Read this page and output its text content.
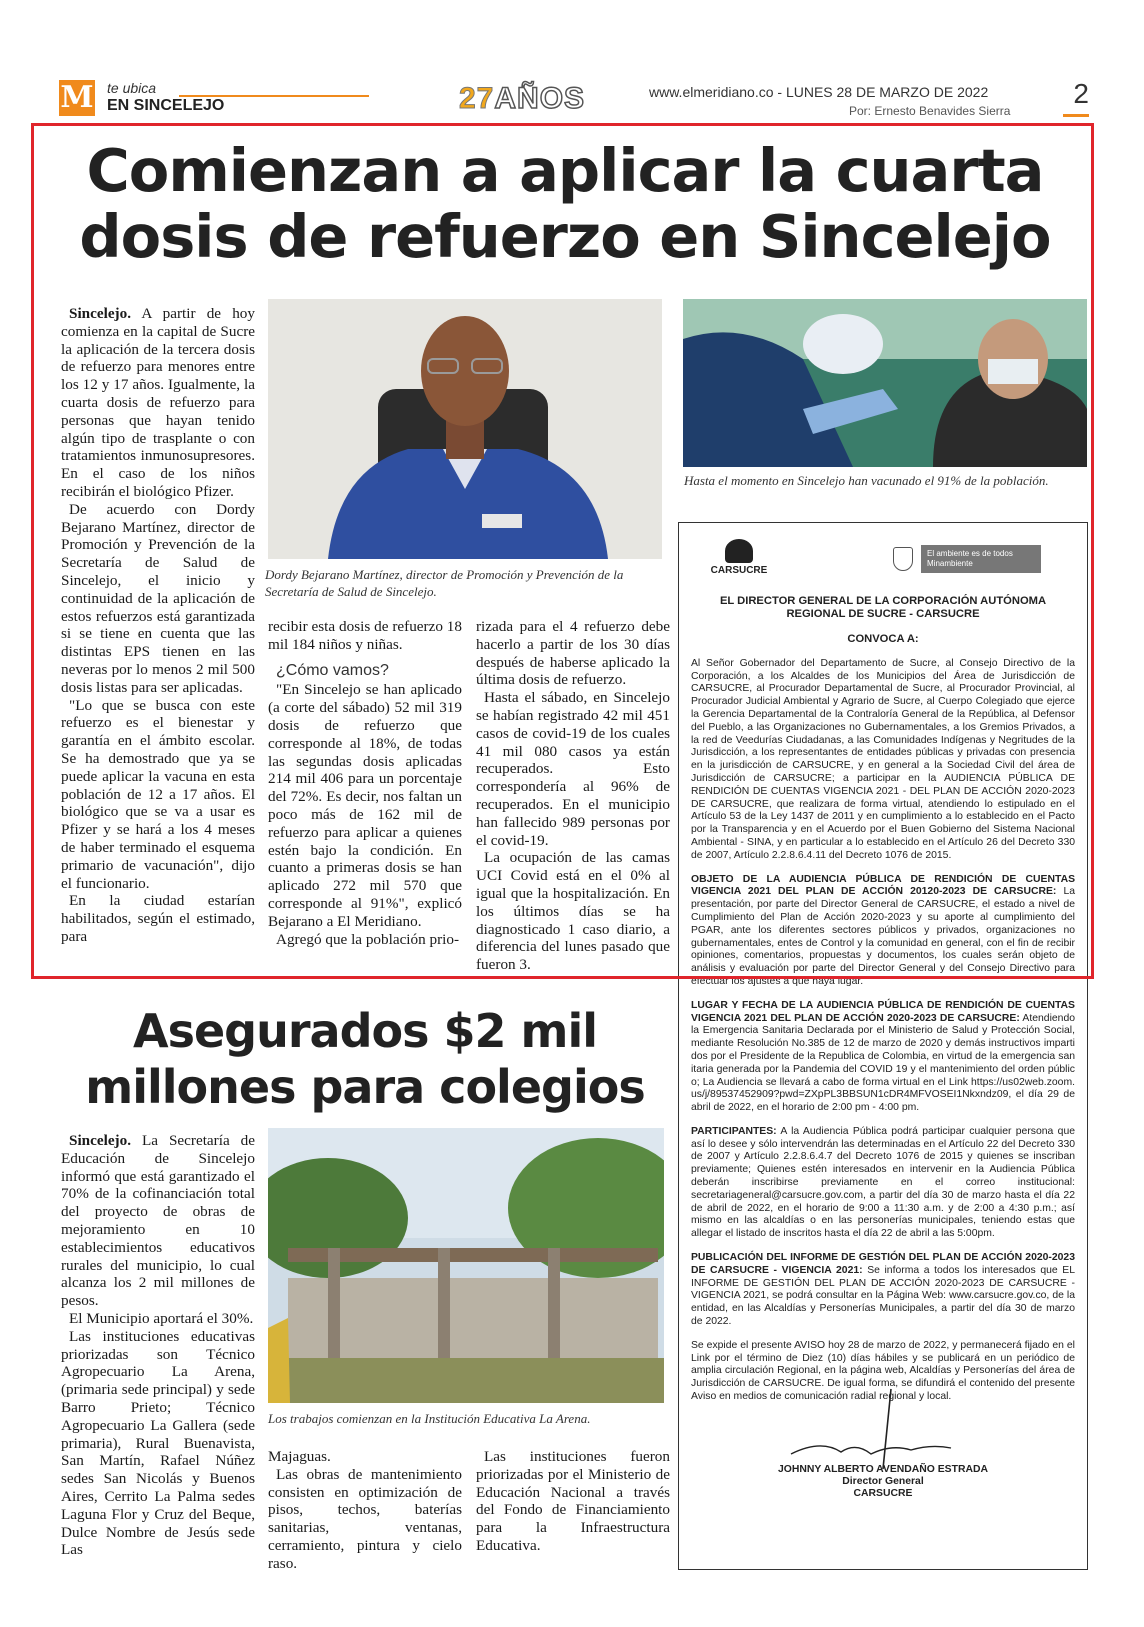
M te ubica
EN SINCELEJO	27AÑOS	www.elmeridiano.co - LUNES 28 DE MARZO DE 2022
Por: Ernesto Benavides Sierra
2
Comienzan a aplicar la cuarta
dosis de refuerzo en Sincelejo

Sincelejo. A partir de hoy comienza en la capital de Sucre la aplicación de la tercera dosis de refuerzo para menores entre los 12 y 17 años. Igualmente, la cuarta dosis de refuerzo para personas que hayan tenido algún tipo de trasplante o con tratamientos inmunosupresores. En el caso de los niños recibirán el biológico Pfizer.

De acuerdo con Dordy Bejarano Martínez, director de Promoción y Prevención de la Secretaría de Salud de Sincelejo, el inicio y continuidad de la aplicación de estos refuerzos está garantizada si se tiene en cuenta que las distintas EPS tienen en las neveras por lo menos 2 mil 500 dosis listas para ser aplicadas.

"Lo que se busca con este refuerzo es el bienestar y garantía en el ámbito escolar. Se ha demostrado que ya se puede aplicar la vacuna en esta población de 12 a 17 años. El biológico que se va a usar es Pfizer y se hará a los 4 meses de haber terminado el esquema primario de vacunación", dijo el funcionario.

En la ciudad estarían habilitados, según el estimado, para

Dordy Bejarano Martínez, director de Promoción y Prevención de la Secretaría de Salud de Sincelejo.
Hasta el momento en Sincelejo han vacunado el 91% de la población.

recibir esta dosis de refuerzo 18 mil 184 niños y niñas.

¿Cómo vamos?

"En Sincelejo se han aplicado (a corte del sábado) 52 mil 319 dosis de refuerzo que corresponde al 18%, de todas las segundas dosis aplicadas 214 mil 406 para un porcentaje del 72%. Es decir, nos faltan un poco más de 162 mil de refuerzo para aplicar a quienes estén bajo la condición. En cuanto a primeras dosis se han aplicado 272 mil 570 que corresponde al 91%", explicó Bejarano a El Meridiano.

Agregó que la población prio-

rizada para el 4 refuerzo debe hacerlo a partir de los 30 días después de haberse aplicado la última dosis de refuerzo.

Hasta el sábado, en Sincelejo se habían registrado 42 mil 451 casos de covid-19 de los cuales 41 mil 080 casos ya están recuperados. Esto correspondería al 96% de recuperados. En el municipio han fallecido 989 personas por el covid-19.

La ocupación de las camas UCI Covid está en el 0% al igual que la hospitalización. En los últimos días se ha diagnosticado 1 caso diario, a diferencia del lunes pasado que fueron 3.

Asegurados $2 mil
millones para colegios

Sincelejo. La Secretaría de Educación de Sincelejo informó que está garantizado el 70% de la cofinanciación total del proyecto de obras de mejoramiento en 10 establecimientos educativos rurales del municipio, lo cual alcanza los 2 mil millones de pesos.

El Municipio aportará el 30%.

Las instituciones educativas priorizadas son Técnico Agropecuario La Arena, (primaria sede principal) y sede Barro Prieto; Técnico Agropecuario La Gallera (sede primaria), Rural Buenavista, San Martín, Rafael Núñez sedes San Nicolás y Buenos Aires, Cerrito La Palma sedes Laguna Flor y Cruz del Beque, Dulce Nombre de Jesús sede Las

Los trabajos comienzan en la Institución Educativa La Arena.

Majaguas.

Las obras de mantenimiento consisten en optimización de pisos, techos, baterías sanitarias, ventanas, cerramiento, pintura y cielo raso.

Las instituciones fueron priorizadas por el Ministerio de Educación Nacional a través del Fondo de Financiamiento para la Infraestructura Educativa.

CARSUCRE
El ambiente es de todos Minambiente
EL DIRECTOR GENERAL DE LA CORPORACIÓN AUTÓNOMA REGIONAL DE SUCRE - CARSUCRE
CONVOCA A:

Al Señor Gobernador del Departamento de Sucre, al Consejo Directivo de la Corporación, a los Alcaldes de los Municipios del Área de Jurisdicción de CARSUCRE, al Procurador Departamental de Sucre, al Procurador Provincial, al Procurador Judicial Ambiental y Agrario de Sucre, al Cuerpo Colegiado que ejerce la Gerencia Departamental de la Contraloría General de la República, al Defensor del Pueblo, a las Organizaciones no Gubernamentales, a los Gremios Privados, a la red de Veedurías Ciudadanas, a las Comunidades Indígenas y Negritudes de la Jurisdicción, a los representantes de entidades públicas y privadas con presencia en la jurisdicción de CARSUCRE, y en general a la Sociedad Civil del área de Jurisdicción de CARSUCRE; a participar en la AUDIENCIA PÚBLICA DE RENDICIÓN DE CUENTAS VIGENCIA 2021 - DEL PLAN DE ACCIÓN 2020-2023 DE CARSUCRE, que realizara de forma virtual, atendiendo lo estipulado en el Artículo 53 de la Ley 1437 de 2011 y en cumplimiento a lo establecido en el Pacto por la Transparencia y en el Acuerdo por el Buen Gobierno del Sistema Nacional Ambiental - SINA, y en particular a lo establecido en el Artículo 26 del Decreto 330 de 2007, Artículo 2.2.8.6.4.11 del Decreto 1076 de 2015.

OBJETO DE LA AUDIENCIA PÚBLICA DE RENDICIÓN DE CUENTAS VIGENCIA 2021 DEL PLAN DE ACCIÓN 20120-2023 DE CARSUCRE: La presentación, por parte del Director General de CARSUCRE, el estado a nivel de Cumplimiento del Plan de Acción 2020-2023 y su aporte al cumplimiento del PGAR, ante los diferentes sectores públicos y privados, organizaciones no gubernamentales, entes de Control y la comunidad en general, con el fin de recibir opiniones, comentarios, propuestas y documentos, los cuales serán objeto de análisis y evaluación por parte del Director General y del Consejo Directivo para efectuar los ajustes a que haya lugar.

LUGAR Y FECHA DE LA AUDIENCIA PÚBLICA DE RENDICIÓN DE CUENTAS VIGENCIA 2021 DEL PLAN DE ACCIÓN 2020-2023 DE CARSUCRE: Atendiendo la Emergencia Sanitaria Declarada por el Ministerio de Salud y Protección Social, mediante Resolución No.385 de 12 de marzo de 2020 y demás instructivos impartidos por el Presidente de la Republica de Colombia, en virtud de la emergencia sanitaria generada por la Pandemia del COVID 19 y el mantenimiento del orden público; La Audiencia se llevará a cabo de forma virtual en el Link https://us02web.zoom.us/j/89537452909?pwd=ZXpPL3BBSUN1cDR4MFVOSEI1Nkxndz09, el día 29 de abril de 2022, en el horario de 2:00 pm - 4:00 pm.

PARTICIPANTES: A la Audiencia Pública podrá participar cualquier persona que así lo desee y sólo intervendrán las determinadas en el Artículo 22 del Decreto 330 de 2007 y Artículo 2.2.8.6.4.7 del Decreto 1076 de 2015 y quienes se inscriban previamente; Quienes estén interesados en intervenir en la Audiencia Pública deberán inscribirse previamente en el correo institucional: secretariageneral@carsucre.gov.com, a partir del día 30 de marzo hasta el día 22 de abril de 2022, en el horario de 9:00 a 11:30 a.m. y de 2:00 a 4:30 p.m.; así mismo en las alcaldías o en las personerías municipales, teniendo estas que allegar el listado de inscritos hasta el día 22 de abril a las 5:00pm.

PUBLICACIÓN DEL INFORME DE GESTIÓN DEL PLAN DE ACCIÓN 2020-2023 DE CARSUCRE - VIGENCIA 2021: Se informa a todos los interesados que EL INFORME DE GESTIÓN DEL PLAN DE ACCIÓN 2020-2023 DE CARSUCRE - VIGENCIA 2021, se podrá consultar en la Página Web: www.carsucre.gov.co, de la entidad, en las Alcaldías y Personerías Municipales, a partir del día 30 de marzo de 2022.

Se expide el presente AVISO hoy 28 de marzo de 2022, y permanecerá fijado en el Link por el término de Diez (10) días hábiles y se publicará en un periódico de amplia circulación Regional, en la página web, Alcaldías y Personerías del área de Jurisdicción de CARSUCRE. De igual forma, se difundirá el contenido del presente Aviso en medios de comunicación radial regional y local.

JOHNNY ALBERTO AVENDAÑO ESTRADA
Director General
CARSUCRE
